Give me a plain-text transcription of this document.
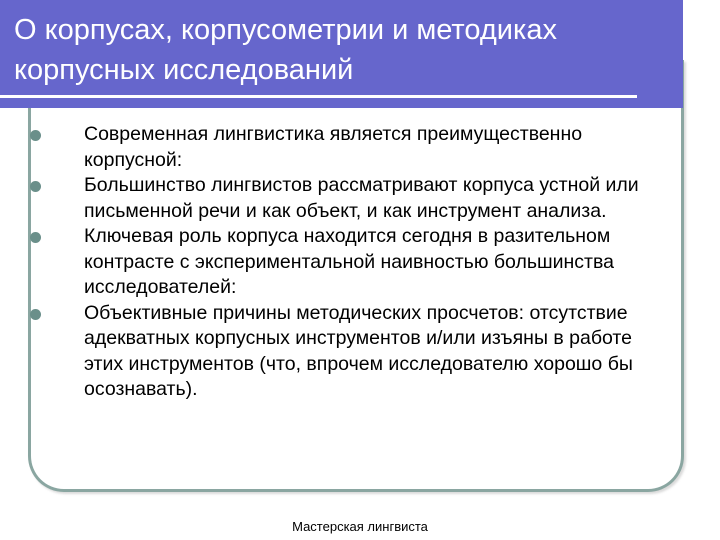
О корпусах, корпусометрии и методиках корпусных исследований
Современная лингвистика является преимущественно корпусной:
Большинство лингвистов рассматривают корпуса устной или письменной речи и как объект, и как инструмент анализа.
Ключевая роль корпуса находится сегодня в разительном контрасте с экспериментальной наивностью большинства исследователей:
Объективные причины методических просчетов: отсутствие адекватных корпусных инструментов и/или изъяны в работе этих инструментов (что, впрочем исследователю хорошо бы осознавать).
Мастерская лингвиста
